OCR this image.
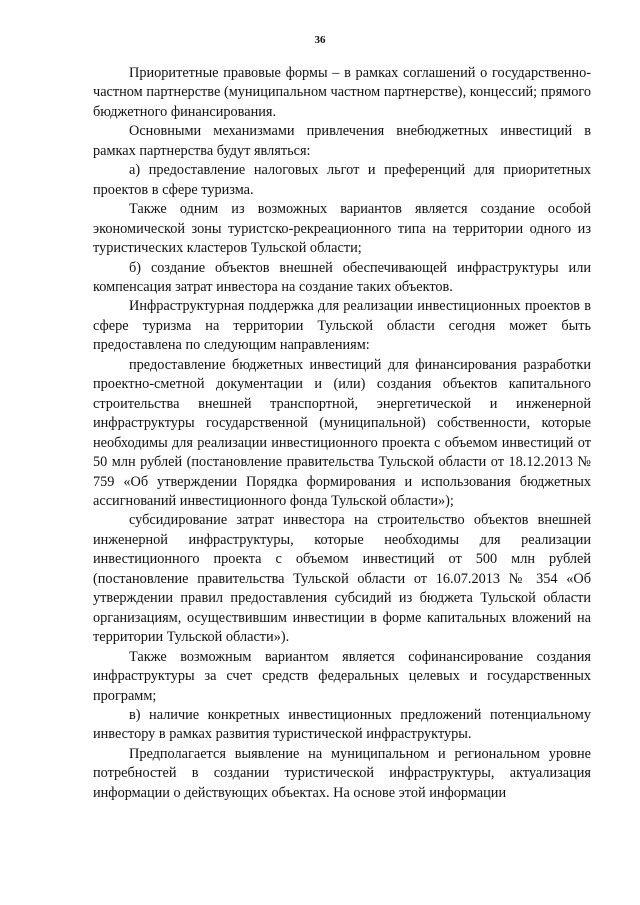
36

Приоритетные правовые формы – в рамках соглашений о государственно-частном партнерстве (муниципальном частном партнерстве), концессий; прямого бюджетного финансирования.

Основными механизмами привлечения внебюджетных инвестиций в рамках партнерства будут являться:

а) предоставление налоговых льгот и преференций для приоритетных проектов в сфере туризма.

Также одним из возможных вариантов является создание особой экономической зоны туристско-рекреационного типа на территории одного из туристических кластеров Тульской области;

б) создание объектов внешней обеспечивающей инфраструктуры или компенсация затрат инвестора на создание таких объектов.

Инфраструктурная поддержка для реализации инвестиционных проектов в сфере туризма на территории Тульской области сегодня может быть предоставлена по следующим направлениям:

предоставление бюджетных инвестиций для финансирования разработки проектно-сметной документации и (или) создания объектов капитального строительства внешней транспортной, энергетической и инженерной инфраструктуры государственной (муниципальной) собственности, которые необходимы для реализации инвестиционного проекта с объемом инвестиций от 50 млн рублей (постановление правительства Тульской области от 18.12.2013 № 759 «Об утверждении Порядка формирования и использования бюджетных ассигнований инвестиционного фонда Тульской области»);

субсидирование затрат инвестора на строительство объектов внешней инженерной инфраструктуры, которые необходимы для реализации инвестиционного проекта с объемом инвестиций от 500 млн рублей (постановление правительства Тульской области от 16.07.2013 № 354 «Об утверждении правил предоставления субсидий из бюджета Тульской области организациям, осуществившим инвестиции в форме капитальных вложений на территории Тульской области»).

Также возможным вариантом является софинансирование создания инфраструктуры за счет средств федеральных целевых и государственных программ;

в) наличие конкретных инвестиционных предложений потенциальному инвестору в рамках развития туристической инфраструктуры.

Предполагается выявление на муниципальном и региональном уровне потребностей в создании туристической инфраструктуры, актуализация информации о действующих объектах. На основе этой информации
